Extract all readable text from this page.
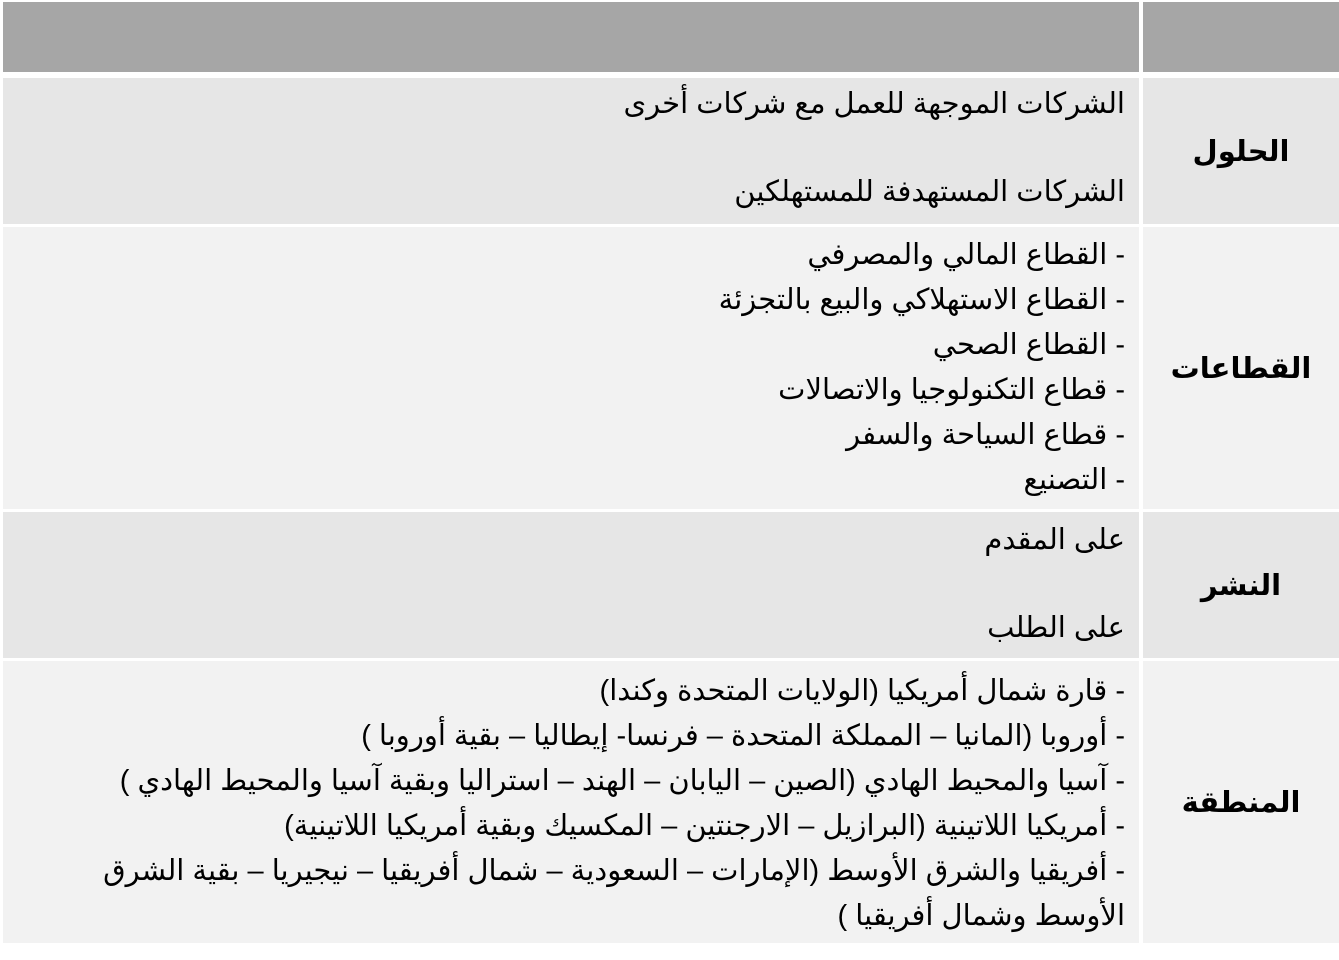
الشركات الموجهة للعمل مع شركات أخرى
الشركات المستهدفة للمستهلكين
الحلول
- القطاع المالي والمصرفي
- القطاع الاستهلاكي والبيع بالتجزئة
- القطاع الصحي
- قطاع التكنولوجيا والاتصالات
- قطاع السياحة والسفر
- التصنيع
القطاعات
على المقدم
على الطلب
النشر
- قارة شمال أمريكيا (الولايات المتحدة وكندا)
- أوروبا (المانيا – المملكة المتحدة – فرنسا- إيطاليا – بقية أوروبا )
- آسيا والمحيط الهادي (الصين – اليابان – الهند – استراليا وبقية آسيا والمحيط الهادي )
- أمريكيا اللاتينية (البرازيل – الارجنتين – المكسيك وبقية أمريكيا اللاتينية)
- أفريقيا والشرق الأوسط (الإمارات – السعودية – شمال أفريقيا – نيجيريا – بقية الشرق
الأوسط وشمال أفريقيا )
المنطقة
